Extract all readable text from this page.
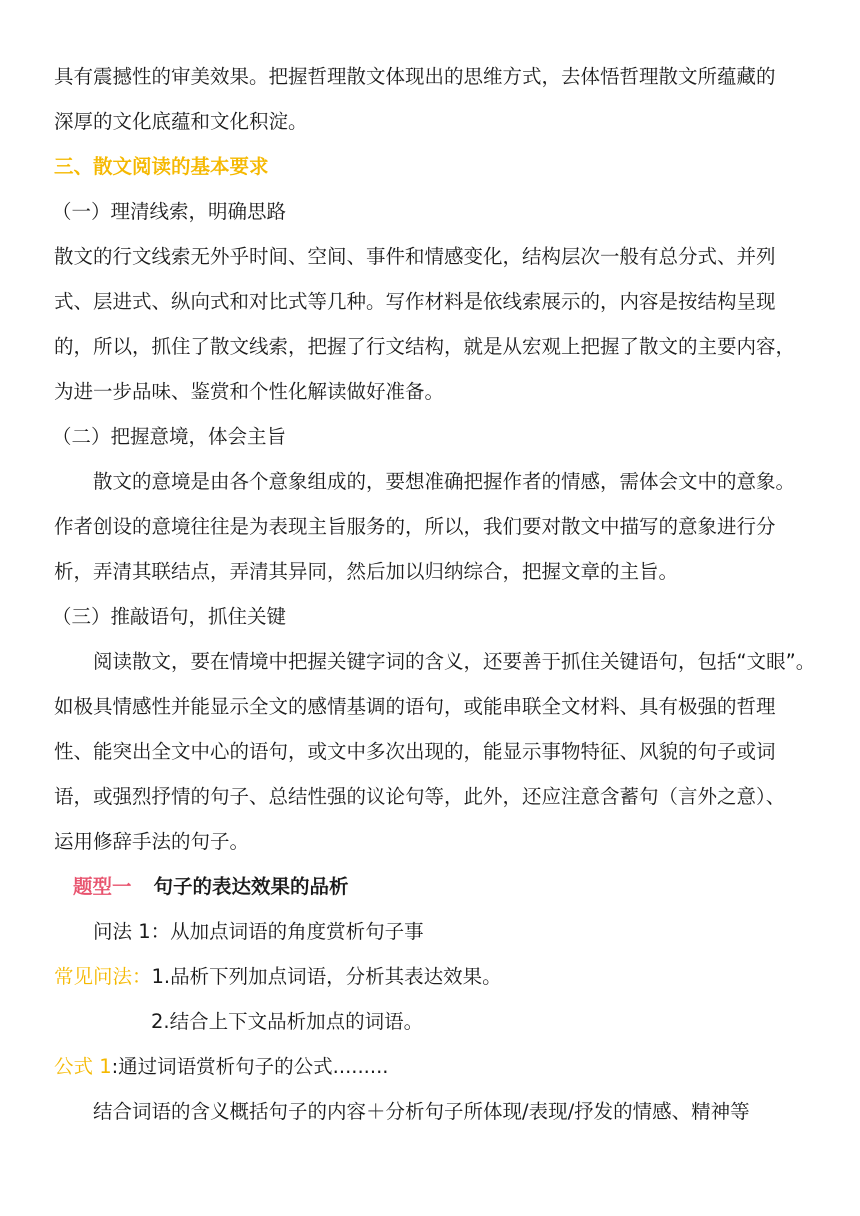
具有震撼性的审美效果。把握哲理散文体现出的思维方式，去体悟哲理散文所蕴藏的
深厚的文化底蕴和文化积淀。
三、散文阅读的基本要求
（一）理清线索，明确思路
散文的行文线索无外乎时间、空间、事件和情感变化，结构层次一般有总分式、并列
式、层进式、纵向式和对比式等几种。写作材料是依线索展示的，内容是按结构呈现
的，所以，抓住了散文线索，把握了行文结构，就是从宏观上把握了散文的主要内容，
为进一步品味、鉴赏和个性化解读做好准备。
（二）把握意境，体会主旨
散文的意境是由各个意象组成的，要想准确把握作者的情感，需体会文中的意象。
作者创设的意境往往是为表现主旨服务的，所以，我们要对散文中描写的意象进行分
析，弄清其联结点，弄清其异同，然后加以归纳综合，把握文章的主旨。
（三）推敲语句，抓住关键
阅读散文，要在情境中把握关键字词的含义，还要善于抓住关键语句，包括“文眼”。
如极具情感性并能显示全文的感情基调的语句，或能串联全文材料、具有极强的哲理
性、能突出全文中心的语句，或文中多次出现的，能显示事物特征、风貌的句子或词
语，或强烈抒情的句子、总结性强的议论句等，此外，还应注意含蓄句（言外之意）、
运用修辞手法的句子。
题型一 句子的表达效果的品析
问法 1：从加点词语的角度赏析句子事
常见问法：1.品析下列加点词语，分析其表达效果。
2.结合上下文品析加点的词语。
公式 1:通过词语赏析句子的公式.........
结合词语的含义概括句子的内容＋分析句子所体现/表现/抒发的情感、精神等
